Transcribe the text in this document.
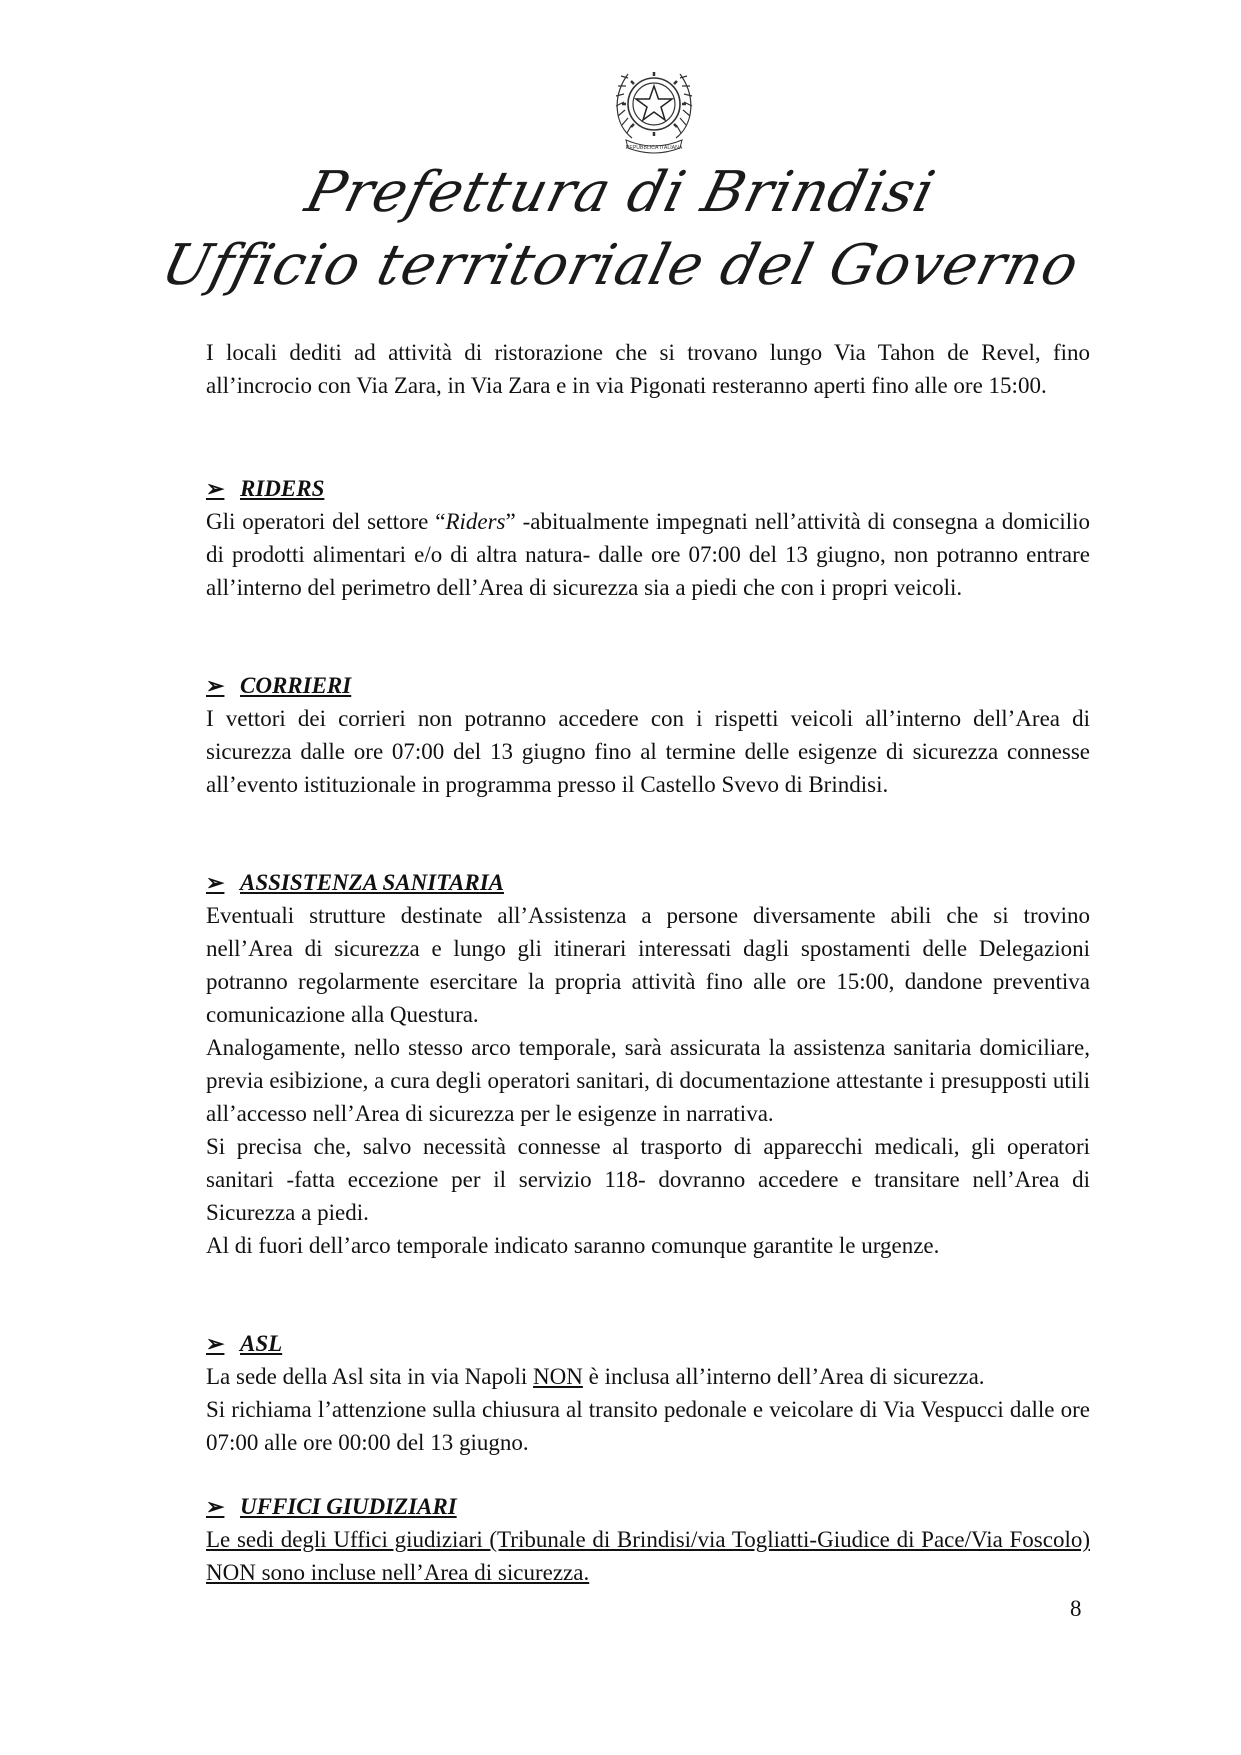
REPUBBLICA ITALIANA
Prefettura di Brindisi
Ufficio territoriale del Governo

I locali dediti ad attività di ristorazione che si trovano lungo Via Tahon de Revel, fino all’incrocio con Via Zara, in Via Zara e in via Pigonati resteranno aperti fino alle ore 15:00.

➢ RIDERS

Gli operatori del settore “Riders” -abitualmente impegnati nell’attività di consegna a domicilio di prodotti alimentari e/o di altra natura- dalle ore 07:00 del 13 giugno, non potranno entrare all’interno del perimetro dell’Area di sicurezza sia a piedi che con i propri veicoli.

➢ CORRIERI

I vettori dei corrieri non potranno accedere con i rispetti veicoli all’interno dell’Area di sicurezza dalle ore 07:00 del 13 giugno fino al termine delle esigenze di sicurezza connesse all’evento istituzionale in programma presso il Castello Svevo di Brindisi.

➢ ASSISTENZA SANITARIA

Eventuali strutture destinate all’Assistenza a persone diversamente abili che si trovino nell’Area di sicurezza e lungo gli itinerari interessati dagli spostamenti delle Delegazioni potranno regolarmente esercitare la propria attività fino alle ore 15:00, dandone preventiva comunicazione alla Questura.

Analogamente, nello stesso arco temporale, sarà assicurata la assistenza sanitaria domiciliare, previa esibizione, a cura degli operatori sanitari, di documentazione attestante i presupposti utili all’accesso nell’Area di sicurezza per le esigenze in narrativa.

Si precisa che, salvo necessità connesse al trasporto di apparecchi medicali, gli operatori sanitari -fatta eccezione per il servizio 118- dovranno accedere e transitare nell’Area di Sicurezza a piedi.

Al di fuori dell’arco temporale indicato saranno comunque garantite le urgenze.

➢ ASL

La sede della Asl sita in via Napoli NON è inclusa all’interno dell’Area di sicurezza.

Si richiama l’attenzione sulla chiusura al transito pedonale e veicolare di Via Vespucci dalle ore 07:00 alle ore 00:00 del 13 giugno.

➢ UFFICI GIUDIZIARI

Le sedi degli Uffici giudiziari (Tribunale di Brindisi/via Togliatti-Giudice di Pace/Via Foscolo) NON sono incluse nell’Area di sicurezza.

8
